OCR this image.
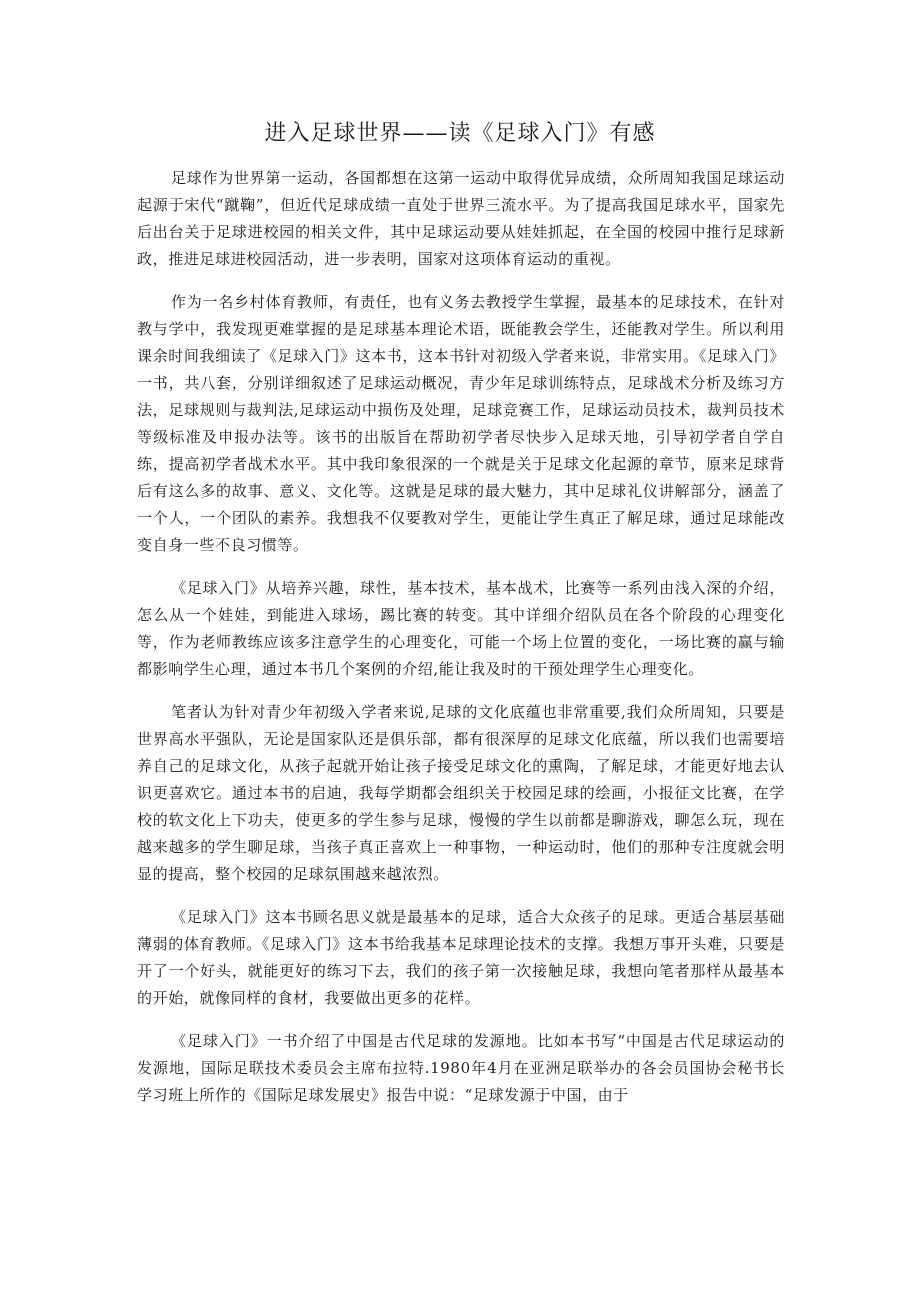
进入足球世界——读《足球入门》有感

足球作为世界第一运动，各国都想在这第一运动中取得优异成绩，众所周知我国足球运动起源于宋代“蹴鞠”，但近代足球成绩一直处于世界三流水平。为了提高我国足球水平，国家先后出台关于足球进校园的相关文件，其中足球运动要从娃娃抓起，在全国的校园中推行足球新政，推进足球进校园活动，进一步表明，国家对这项体育运动的重视。

作为一名乡村体育教师，有责任，也有义务去教授学生掌握，最基本的足球技术，在针对教与学中，我发现更难掌握的是足球基本理论术语，既能教会学生，还能教对学生。所以利用课余时间我细读了《足球入门》这本书，这本书针对初级入学者来说，非常实用。《足球入门》一书，共八套，分别详细叙述了足球运动概况，青少年足球训练特点，足球战术分析及练习方法，足球规则与裁判法,足球运动中损伤及处理，足球竞赛工作，足球运动员技术，裁判员技术等级标准及申报办法等。该书的出版旨在帮助初学者尽快步入足球天地，引导初学者自学自练，提高初学者战术水平。其中我印象很深的一个就是关于足球文化起源的章节，原来足球背后有这么多的故事、意义、文化等。这就是足球的最大魅力，其中足球礼仪讲解部分，涵盖了一个人，一个团队的素养。我想我不仅要教对学生，更能让学生真正了解足球，通过足球能改变自身一些不良习惯等。

《足球入门》从培养兴趣，球性，基本技术，基本战术，比赛等一系列由浅入深的介绍，怎么从一个娃娃，到能进入球场，踢比赛的转变。其中详细介绍队员在各个阶段的心理变化等，作为老师教练应该多注意学生的心理变化，可能一个场上位置的变化，一场比赛的赢与输都影响学生心理，通过本书几个案例的介绍,能让我及时的干预处理学生心理变化。

笔者认为针对青少年初级入学者来说,足球的文化底蕴也非常重要,我们众所周知，只要是世界高水平强队，无论是国家队还是俱乐部，都有很深厚的足球文化底蕴，所以我们也需要培养自己的足球文化，从孩子起就开始让孩子接受足球文化的熏陶，了解足球，才能更好地去认识更喜欢它。通过本书的启迪，我每学期都会组织关于校园足球的绘画，小报征文比赛，在学校的软文化上下功夫，使更多的学生参与足球，慢慢的学生以前都是聊游戏，聊怎么玩，现在越来越多的学生聊足球，当孩子真正喜欢上一种事物，一种运动时，他们的那种专注度就会明显的提高，整个校园的足球氛围越来越浓烈。

《足球入门》这本书顾名思义就是最基本的足球，适合大众孩子的足球。更适合基层基础薄弱的体育教师。《足球入门》这本书给我基本足球理论技术的支撑。我想万事开头难，只要是开了一个好头，就能更好的练习下去，我们的孩子第一次接触足球，我想向笔者那样从最基本的开始，就像同样的食材，我要做出更多的花样。

《足球入门》一书介绍了中国是古代足球的发源地。比如本书写“中国是古代足球运动的发源地，国际足联技术委员会主席布拉特.1980年4月在亚洲足联举办的各会员国协会秘书长学习班上所作的《国际足球发展史》报告中说：“足球发源于中国，由于
